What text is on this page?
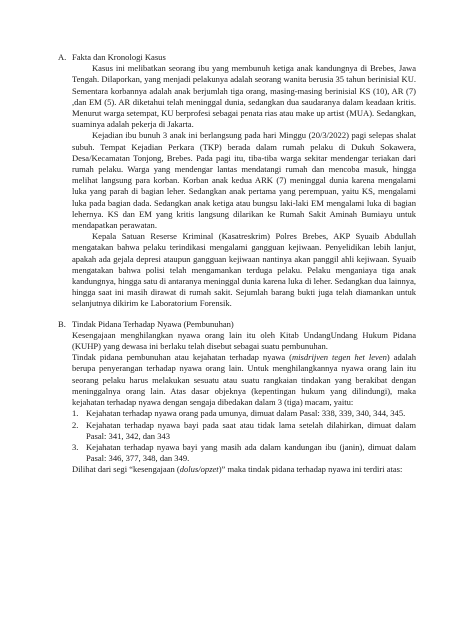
A. Fakta dan Kronologi Kasus

Kasus ini melibatkan seorang ibu yang membunuh ketiga anak kandungnya di Brebes, Jawa Tengah. Dilaporkan, yang menjadi pelakunya adalah seorang wanita berusia 35 tahun berinisial KU. Sementara korbannya adalah anak berjumlah tiga orang, masing-masing berinisial KS (10), AR (7) ,dan EM (5). AR diketahui telah meninggal dunia, sedangkan dua saudaranya dalam keadaan kritis. Menurut warga setempat, KU berprofesi sebagai penata rias atau make up artist (MUA). Sedangkan, suaminya adalah pekerja di Jakarta.

Kejadian ibu bunuh 3 anak ini berlangsung pada hari Minggu (20/3/2022) pagi selepas shalat subuh. Tempat Kejadian Perkara (TKP) berada dalam rumah pelaku di Dukuh Sokawera, Desa/Kecamatan Tonjong, Brebes. Pada pagi itu, tiba-tiba warga sekitar mendengar teriakan dari rumah pelaku. Warga yang mendengar lantas mendatangi rumah dan mencoba masuk, hingga melihat langsung para korban. Korban anak kedua ARK (7) meninggal dunia karena mengalami luka yang parah di bagian leher. Sedangkan anak pertama yang perempuan, yaitu KS, mengalami luka pada bagian dada. Sedangkan anak ketiga atau bungsu laki-laki EM mengalami luka di bagian lehernya. KS dan EM yang kritis langsung dilarikan ke Rumah Sakit Aminah Bumiayu untuk mendapatkan perawatan.

Kepala Satuan Reserse Kriminal (Kasatreskrim) Polres Brebes, AKP Syuaib Abdullah mengatakan bahwa pelaku terindikasi mengalami gangguan kejiwaan. Penyelidikan lebih lanjut, apakah ada gejala depresi ataupun gangguan kejiwaan nantinya akan panggil ahli kejiwaan. Syuaib mengatakan bahwa polisi telah mengamankan terduga pelaku. Pelaku menganiaya tiga anak kandungnya, hingga satu di antaranya meninggal dunia karena luka di leher. Sedangkan dua lainnya, hingga saat ini masih dirawat di rumah sakit. Sejumlah barang bukti juga telah diamankan untuk selanjutnya dikirim ke Laboratorium Forensik.

B. Tindak Pidana Terhadap Nyawa (Pembunuhan)

Kesengajaan menghilangkan nyawa orang lain itu oleh Kitab UndangUndang Hukum Pidana (KUHP) yang dewasa ini berlaku telah disebut sebagai suatu pembunuhan.

Tindak pidana pembunuhan atau kejahatan terhadap nyawa (misdrijven tegen het leven) adalah berupa penyerangan terhadap nyawa orang lain. Untuk menghilangkannya nyawa orang lain itu seorang pelaku harus melakukan sesuatu atau suatu rangkaian tindakan yang berakibat dengan meninggalnya orang lain. Atas dasar objeknya (kepentingan hukum yang dilindungi), maka kejahatan terhadap nyawa dengan sengaja dibedakan dalam 3 (tiga) macam, yaitu:

1. Kejahatan terhadap nyawa orang pada umunya, dimuat dalam Pasal: 338, 339, 340, 344, 345.
2. Kejahatan terhadap nyawa bayi pada saat atau tidak lama setelah dilahirkan, dimuat dalam Pasal: 341, 342, dan 343
3. Kejahatan terhadap nyawa bayi yang masih ada dalam kandungan ibu (janin), dimuat dalam Pasal: 346, 377, 348, dan 349.

Dilihat dari segi “kesengajaan (dolus/opzet)” maka tindak pidana terhadap nyawa ini terdiri atas:
